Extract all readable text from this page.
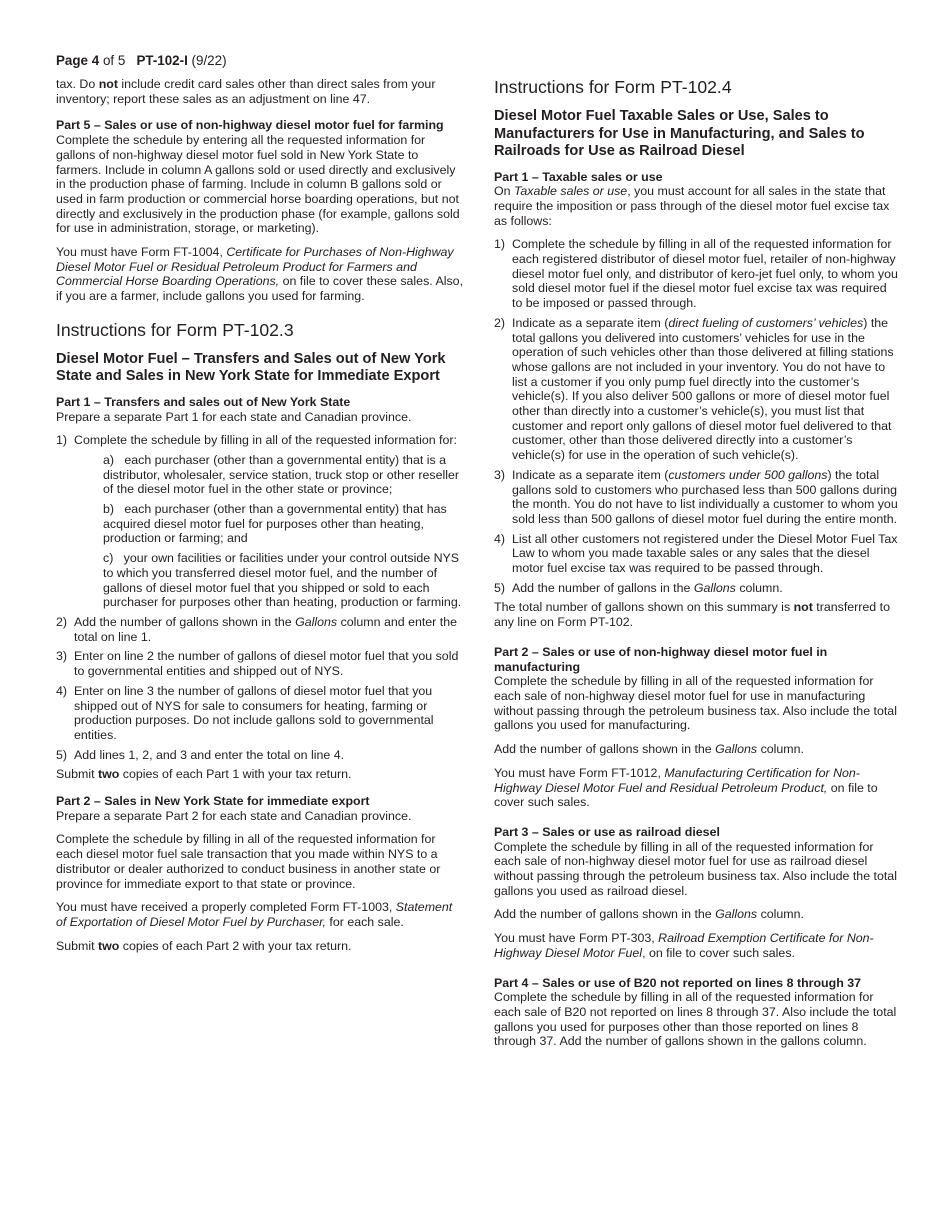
Page 4 of 5 PT-102-I (9/22)

tax. Do not include credit card sales other than direct sales from your inventory; report these sales as an adjustment on line 47.

Part 5 – Sales or use of non-highway diesel motor fuel for farming

Complete the schedule by entering all the requested information for gallons of non-highway diesel motor fuel sold in New York State to farmers. Include in column A gallons sold or used directly and exclusively in the production phase of farming. Include in column B gallons sold or used in farm production or commercial horse boarding operations, but not directly and exclusively in the production phase (for example, gallons sold for use in administration, storage, or marketing).

You must have Form FT-1004, Certificate for Purchases of Non-Highway Diesel Motor Fuel or Residual Petroleum Product for Farmers and Commercial Horse Boarding Operations, on file to cover these sales. Also, if you are a farmer, include gallons you used for farming.

Instructions for Form PT-102.3
Diesel Motor Fuel – Transfers and Sales out of New York State and Sales in New York State for Immediate Export
Part 1 – Transfers and sales out of New York State

Prepare a separate Part 1 for each state and Canadian province.

1) Complete the schedule by filling in all of the requested information for:
a) each purchaser (other than a governmental entity) that is a distributor, wholesaler, service station, truck stop or other reseller of the diesel motor fuel in the other state or province;
b) each purchaser (other than a governmental entity) that has acquired diesel motor fuel for purposes other than heating, production or farming; and
c) your own facilities or facilities under your control outside NYS to which you transferred diesel motor fuel, and the number of gallons of diesel motor fuel that you shipped or sold to each purchaser for purposes other than heating, production or farming.
2) Add the number of gallons shown in the Gallons column and enter the total on line 1.
3) Enter on line 2 the number of gallons of diesel motor fuel that you sold to governmental entities and shipped out of NYS.
4) Enter on line 3 the number of gallons of diesel motor fuel that you shipped out of NYS for sale to consumers for heating, farming or production purposes. Do not include gallons sold to governmental entities.
5) Add lines 1, 2, and 3 and enter the total on line 4.

Submit two copies of each Part 1 with your tax return.

Part 2 – Sales in New York State for immediate export

Prepare a separate Part 2 for each state and Canadian province.

Complete the schedule by filling in all of the requested information for each diesel motor fuel sale transaction that you made within NYS to a distributor or dealer authorized to conduct business in another state or province for immediate export to that state or province.

You must have received a properly completed Form FT-1003, Statement of Exportation of Diesel Motor Fuel by Purchaser, for each sale.

Submit two copies of each Part 2 with your tax return.

Instructions for Form PT-102.4
Diesel Motor Fuel Taxable Sales or Use, Sales to Manufacturers for Use in Manufacturing, and Sales to Railroads for Use as Railroad Diesel
Part 1 – Taxable sales or use

On Taxable sales or use, you must account for all sales in the state that require the imposition or pass through of the diesel motor fuel excise tax as follows:

1) Complete the schedule by filling in all of the requested information for each registered distributor of diesel motor fuel, retailer of non-highway diesel motor fuel only, and distributor of kero-jet fuel only, to whom you sold diesel motor fuel if the diesel motor fuel excise tax was required to be imposed or passed through.
2) Indicate as a separate item (direct fueling of customers’ vehicles) the total gallons you delivered into customers’ vehicles for use in the operation of such vehicles other than those delivered at filling stations whose gallons are not included in your inventory. You do not have to list a customer if you only pump fuel directly into the customer’s vehicle(s). If you also deliver 500 gallons or more of diesel motor fuel other than directly into a customer’s vehicle(s), you must list that customer and report only gallons of diesel motor fuel delivered to that customer, other than those delivered directly into a customer’s vehicle(s) for use in the operation of such vehicle(s).
3) Indicate as a separate item (customers under 500 gallons) the total gallons sold to customers who purchased less than 500 gallons during the month. You do not have to list individually a customer to whom you sold less than 500 gallons of diesel motor fuel during the entire month.
4) List all other customers not registered under the Diesel Motor Fuel Tax Law to whom you made taxable sales or any sales that the diesel motor fuel excise tax was required to be passed through.
5) Add the number of gallons in the Gallons column.

The total number of gallons shown on this summary is not transferred to any line on Form PT-102.

Part 2 – Sales or use of non-highway diesel motor fuel in manufacturing

Complete the schedule by filling in all of the requested information for each sale of non-highway diesel motor fuel for use in manufacturing without passing through the petroleum business tax. Also include the total gallons you used for manufacturing.

Add the number of gallons shown in the Gallons column.

You must have Form FT-1012, Manufacturing Certification for Non-Highway Diesel Motor Fuel and Residual Petroleum Product, on file to cover such sales.

Part 3 – Sales or use as railroad diesel

Complete the schedule by filling in all of the requested information for each sale of non-highway diesel motor fuel for use as railroad diesel without passing through the petroleum business tax. Also include the total gallons you used as railroad diesel.

Add the number of gallons shown in the Gallons column.

You must have Form PT-303, Railroad Exemption Certificate for Non-Highway Diesel Motor Fuel, on file to cover such sales.

Part 4 – Sales or use of B20 not reported on lines 8 through 37

Complete the schedule by filling in all of the requested information for each sale of B20 not reported on lines 8 through 37. Also include the total gallons you used for purposes other than those reported on lines 8 through 37. Add the number of gallons shown in the gallons column.
